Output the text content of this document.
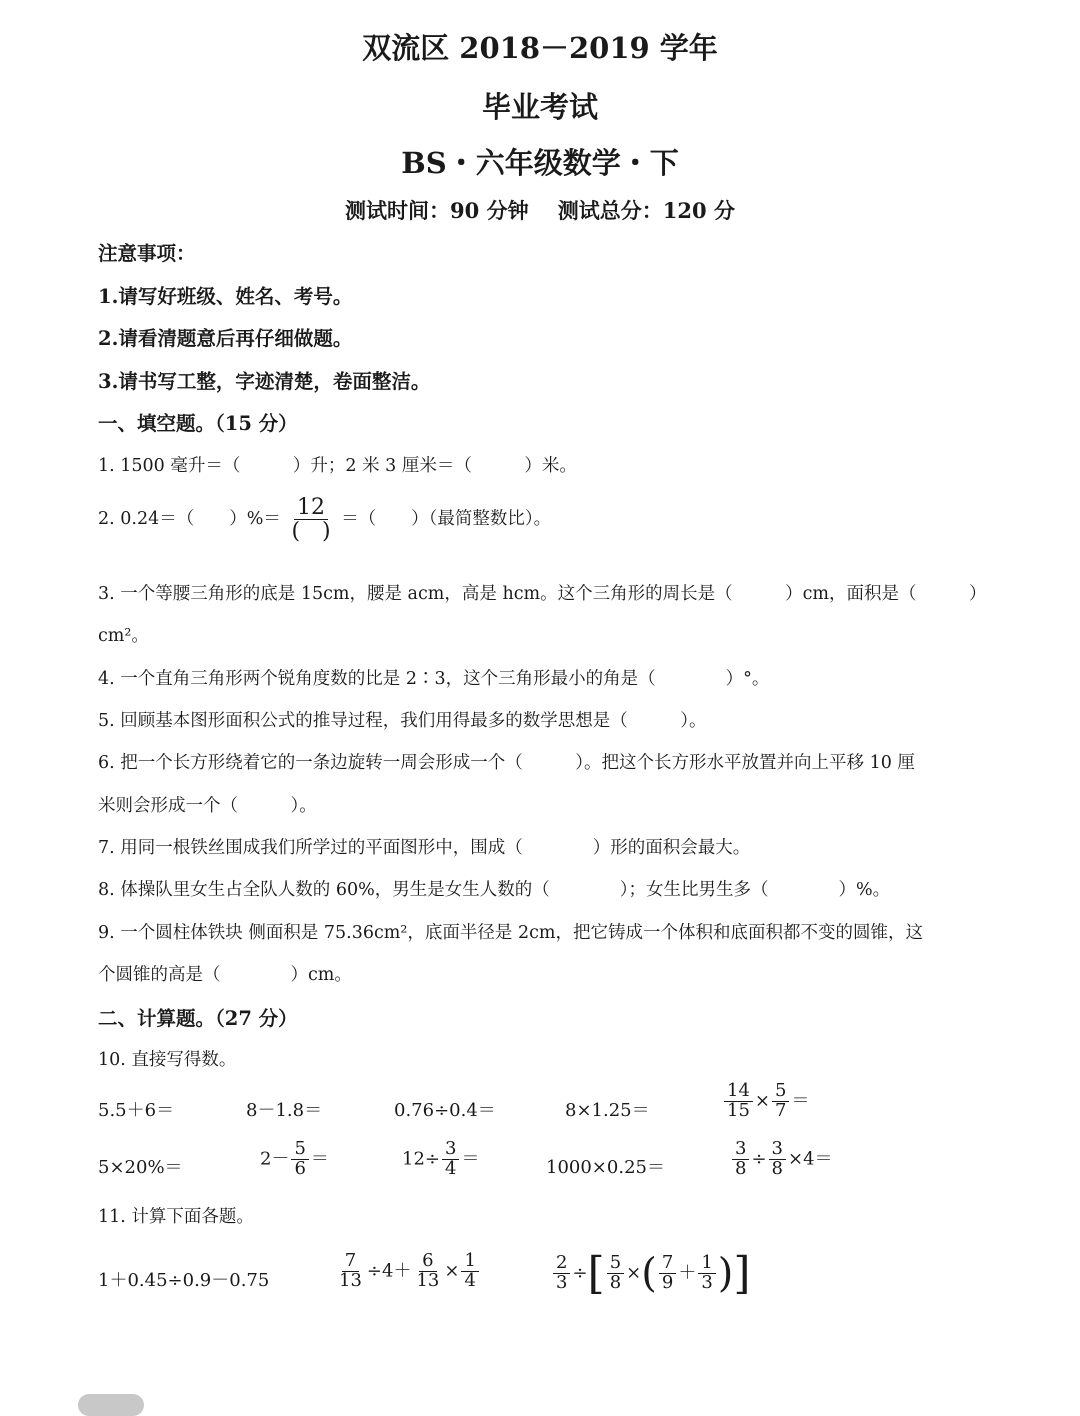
双流区 2018－2019 学年
毕业考试
BS・六年级数学・下
测试时间：90 分钟    测试总分：120 分
注意事项：
1.请写好班级、姓名、考号。
2.请看清题意后再仔细做题。
3.请书写工整，字迹清楚，卷面整洁。
一、填空题。（15 分）
1. 1500 毫升＝（　　　）升；2 米 3 厘米＝（　　　）米。
2. 0.24＝（　　）%＝ $\frac{12}{( )}$ ＝（　　）（最简整数比）。
3. 一个等腰三角形的底是 15cm，腰是 acm，高是 hcm。这个三角形的周长是（　　　）cm，面积是（　　　）
cm²。
4. 一个直角三角形两个锐角度数的比是 2∶3，这个三角形最小的角是（　　　　）°。
5. 回顾基本图形面积公式的推导过程，我们用得最多的数学思想是（　　　）。
6. 把一个长方形绕着它的一条边旋转一周会形成一个（　　　）。把这个长方形水平放置并向上平移 10 厘
米则会形成一个（　　　）。
7. 用同一根铁丝围成我们所学过的平面图形中，围成（　　　　）形的面积会最大。
8. 体操队里女生占全队人数的 60%，男生是女生人数的（　　　　）；女生比男生多（　　　　）%。
9. 一个圆柱体铁块 侧面积是 75.36cm²，底面半径是 2cm，把它铸成一个体积和底面积都不变的圆锥，这
个圆锥的高是（　　　　）cm。
二、计算题。（27 分）
10. 直接写得数。
5.5＋6＝	8－1.8＝	0.76÷0.4＝	8×1.25＝	$\frac{14}{15} \times \frac{5}{7}$ ＝
5×20%＝	$2- \frac{5}{6}$ ＝	$12\div \frac{3}{4}$ ＝	1000×0.25＝	$\frac{3}{8} \div \frac{3}{8} \times 4=$
11. 计算下面各题。
1＋0.45÷0.9－0.75	$\frac{7}{13} \div 4+ \frac{6}{13} \times \frac{1}{4}$	$\frac{2}{3}$ ÷[ $\frac{5}{8}$ ×( $\frac{7}{9} + \frac{1}{3}$ )]
